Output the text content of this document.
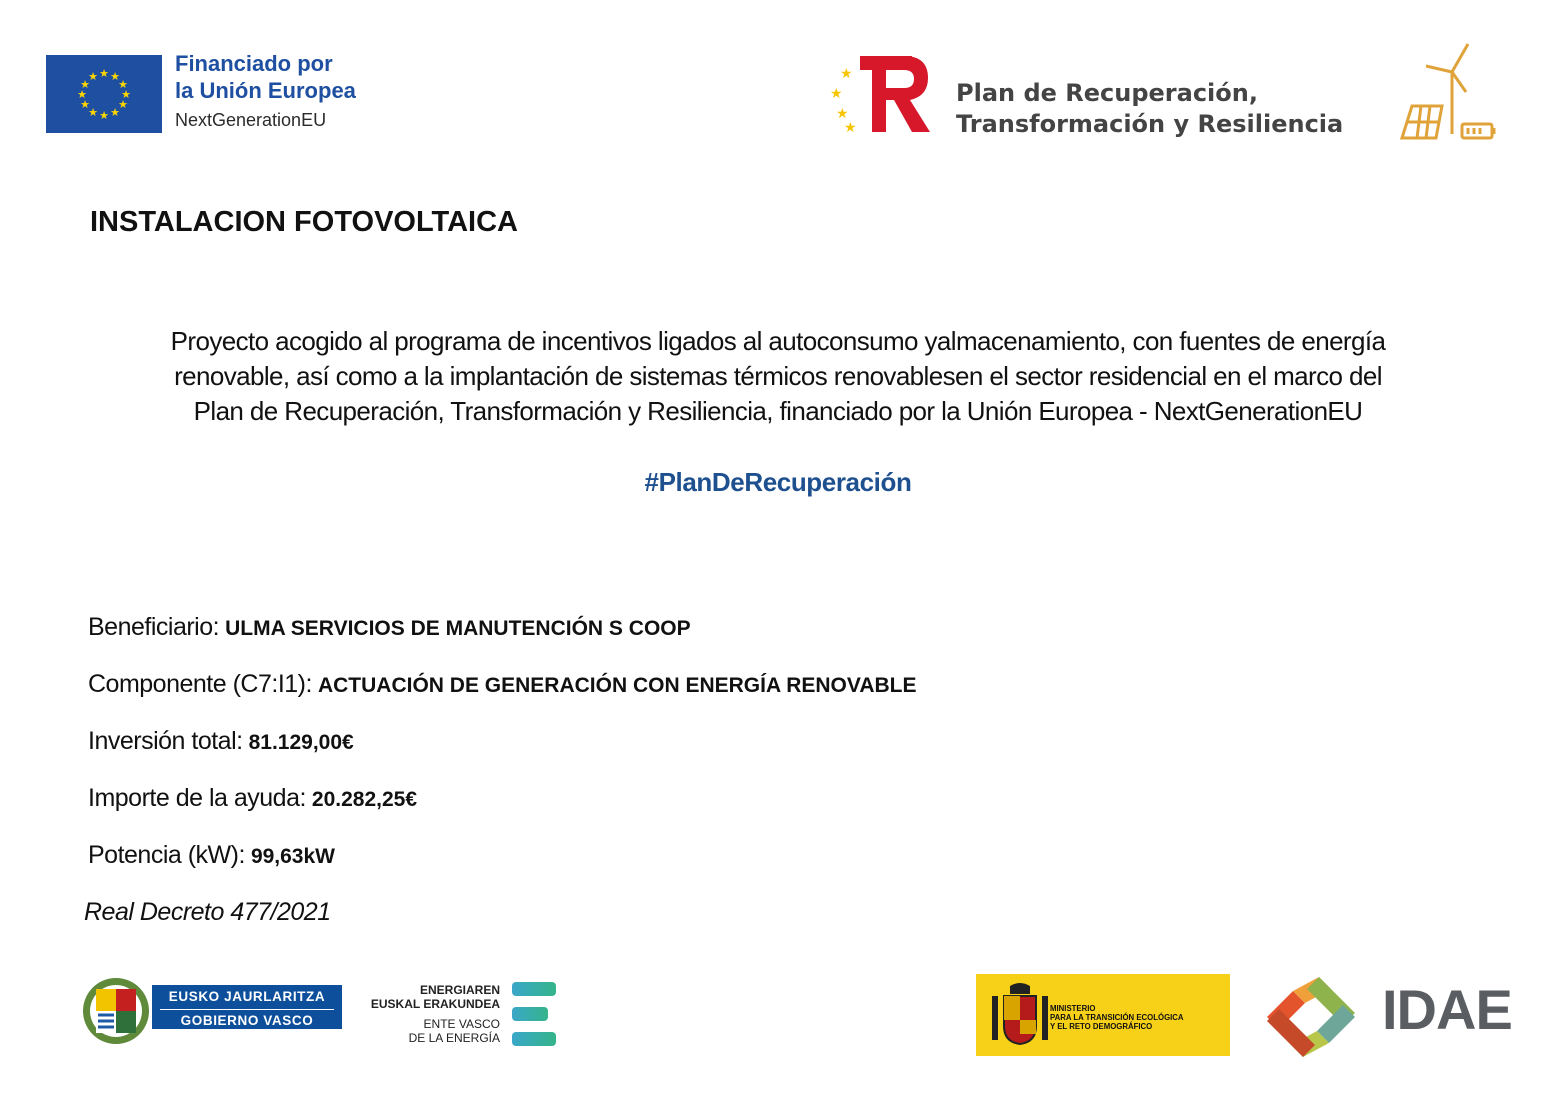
★ ★
★
★
★
★
★
★
★
★
★
★
Financiado por
la Unión Europea
NextGenerationEU
★
★
★
★
Plan de Recuperación,
Transformación y Resiliencia
INSTALACION FOTOVOLTAICA
Proyecto acogido al programa de incentivos ligados al autoconsumo yalmacenamiento, con fuentes de energía
renovable, así como a la implantación de sistemas térmicos renovablesen el sector residencial en el marco del
Plan de Recuperación, Transformación y Resiliencia, financiado por la Unión Europea - NextGenerationEU
#PlanDeRecuperación
Beneficiario: ULMA SERVICIOS DE MANUTENCIÓN S COOP
Componente (C7:I1): ACTUACIÓN DE GENERACIÓN CON ENERGÍA RENOVABLE
Inversión total: 81.129,00€
Importe de la ayuda: 20.282,25€
Potencia (kW): 99,63kW
Real Decreto 477/2021
EUSKO JAURLARITZA
GOBIERNO VASCO
ENERGIAREN
EUSKAL ERAKUNDEA
ENTE VASCO
DE LA ENERGÍA
MINISTERIO
PARA LA TRANSICIÓN ECOLÓGICA
Y EL RETO DEMOGRÁFICO	IDAE
